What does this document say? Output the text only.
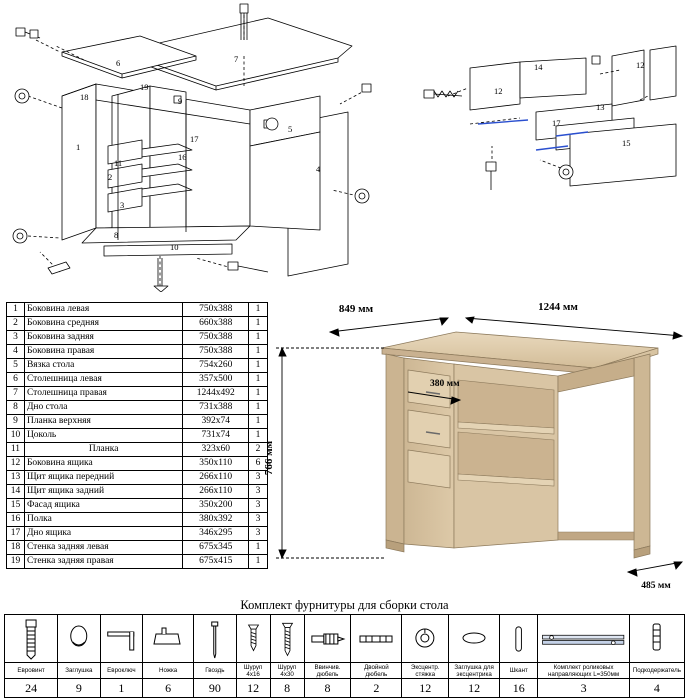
1
2
3
4
5
6	7
8
9
10
11
16
17
18
19
14	12
12
13
17
15
1	Боковина левая	750x388	1
2	Боковина средняя	660x388	1
3	Боковина задняя	750x388	1
4	Боковина правая	750x388	1
5	Вязка стола	754x260	1
6	Столешница левая	357x500	1
7	Столешница правая	1244x492	1
8	Дно стола	731x388	1
9	Планка верхняя	392x74	1
10	Цоколь	731x74	1
11	Планка	323x60	2
12	Боковина ящика	350x110	6
13	Щит ящика передний	266x110	3
14	Щит ящика задний	266x110	3
15	Фасад ящика	350x200	3
16	Полка	380x392	3
17	Дно ящика	346x295	3
18	Стенка задняя левая	675x345	1
19	Стенка задняя правая	675x415	1
1244 мм
849 мм
766 мм
380 мм
485 мм
Комплект фурнитуры для сборки стола

Евровинт	Заглушка	Евроключ	Ножка	Гвоздь	Шуруп 4х16	Шуруп 4х30	Ввинчив. дюбель	Двойной дюбель	Эксцентр. стяжка	Заглушка для эксцентрика	Шкант	Комплект роликовых направляющих L=350мм	Подкодержатель
24	9	1	6	90	12	8	8	2	12	12	16	3	4
